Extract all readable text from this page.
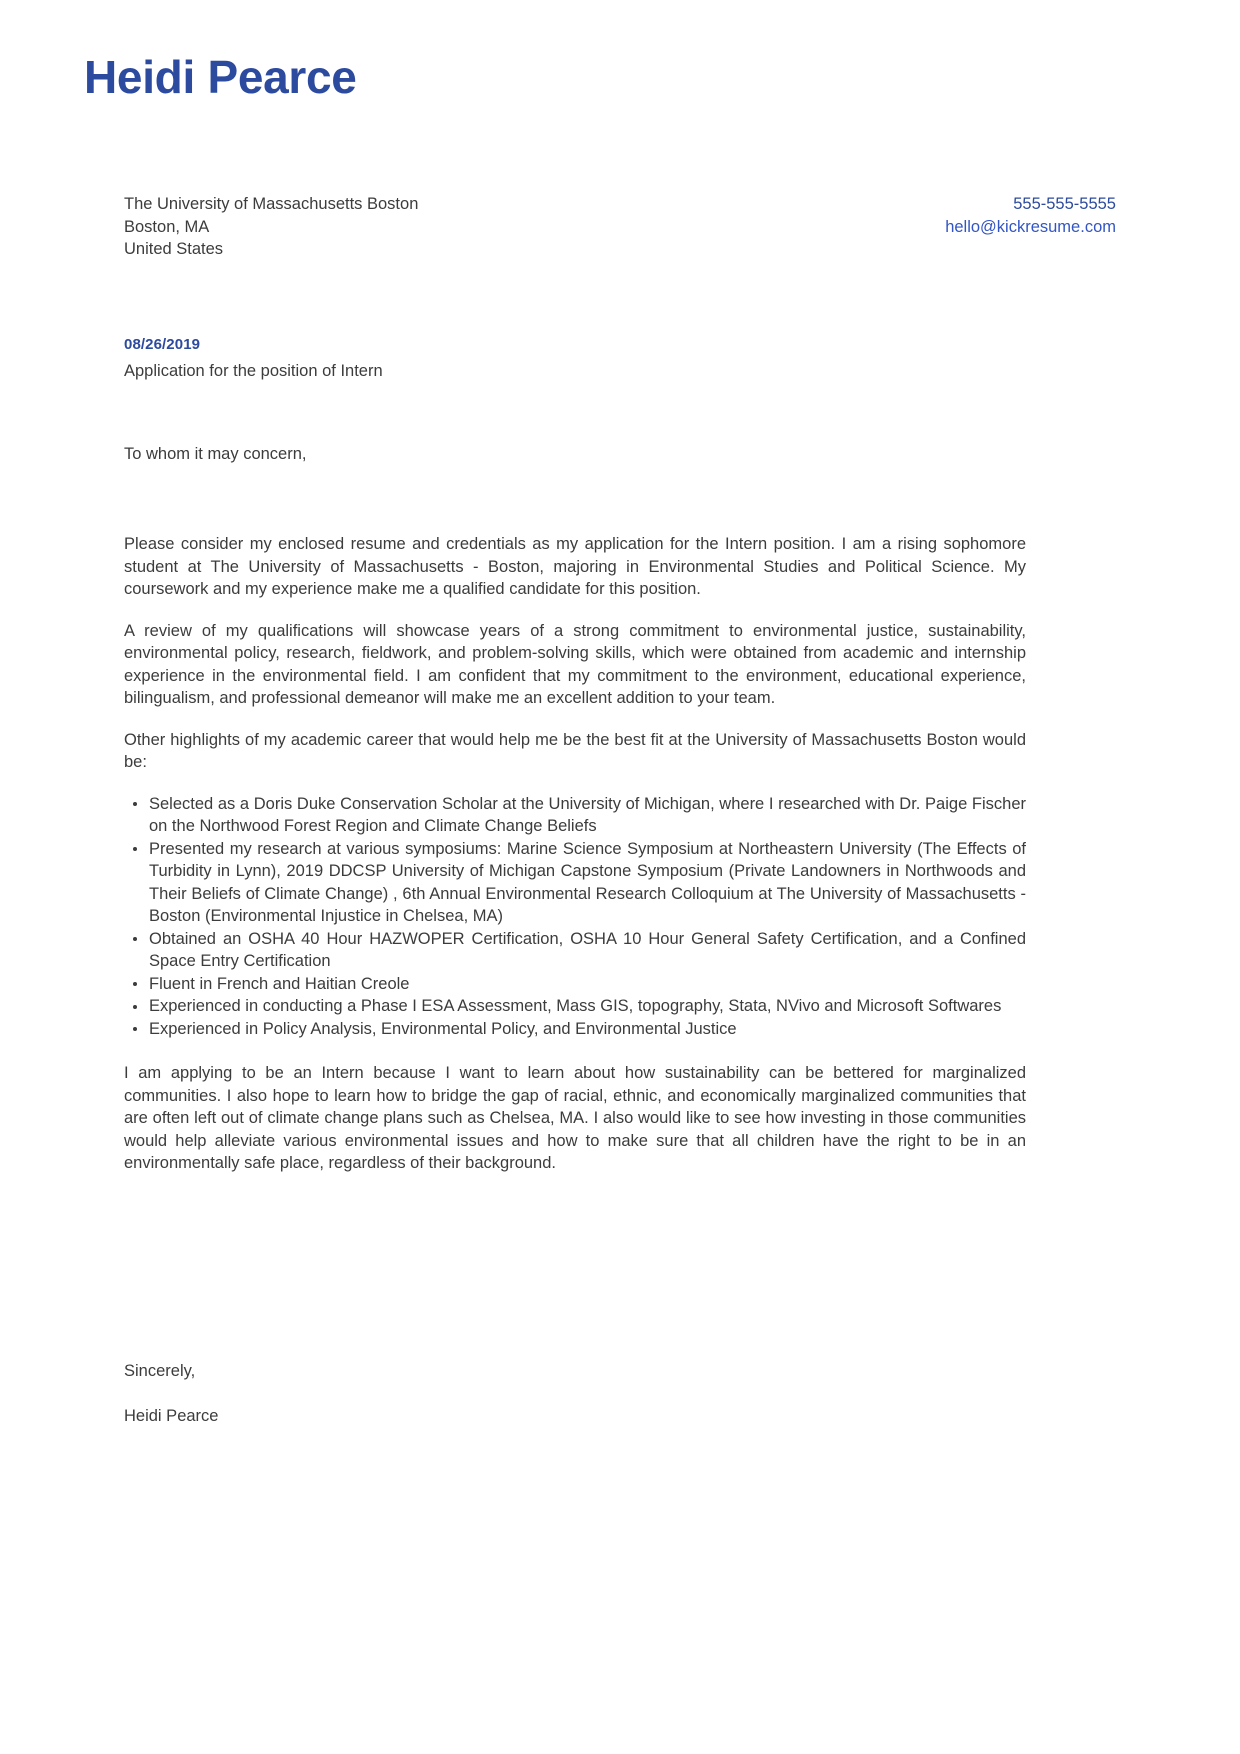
Heidi Pearce
The University of Massachusetts Boston
Boston, MA
United States
555-555-5555
hello@kickresume.com
08/26/2019
Application for the position of Intern
To whom it may concern,

Please consider my enclosed resume and credentials as my application for the Intern position. I am a rising sophomore student at The University of Massachusetts - Boston, majoring in Environmental Studies and Political Science. My coursework and my experience make me a qualified candidate for this position.

A review of my qualifications will showcase years of a strong commitment to environmental justice, sustainability, environmental policy, research, fieldwork, and problem-solving skills, which were obtained from academic and internship experience in the environmental field. I am confident that my commitment to the environment, educational experience, bilingualism, and professional demeanor will make me an excellent addition to your team.

Other highlights of my academic career that would help me be the best fit at the University of Massachusetts Boston would be:

Selected as a Doris Duke Conservation Scholar at the University of Michigan, where I researched with Dr. Paige Fischer on the Northwood Forest Region and Climate Change Beliefs
Presented my research at various symposiums: Marine Science Symposium at Northeastern University (The Effects of Turbidity in Lynn), 2019 DDCSP University of Michigan Capstone Symposium (Private Landowners in Northwoods and Their Beliefs of Climate Change) , 6th Annual Environmental Research Colloquium at The University of Massachusetts - Boston (Environmental Injustice in Chelsea, MA)
Obtained an OSHA 40 Hour HAZWOPER Certification, OSHA 10 Hour General Safety Certification, and a Confined Space Entry Certification
Fluent in French and Haitian Creole
Experienced in conducting a Phase I ESA Assessment, Mass GIS, topography, Stata, NVivo and Microsoft Softwares
Experienced in Policy Analysis, Environmental Policy, and Environmental Justice

I am applying to be an Intern because I want to learn about how sustainability can be bettered for marginalized communities. I also hope to learn how to bridge the gap of racial, ethnic, and economically marginalized communities that are often left out of climate change plans such as Chelsea, MA. I also would like to see how investing in those communities would help alleviate various environmental issues and how to make sure that all children have the right to be in an environmentally safe place, regardless of their background.

Sincerely,
Heidi Pearce
